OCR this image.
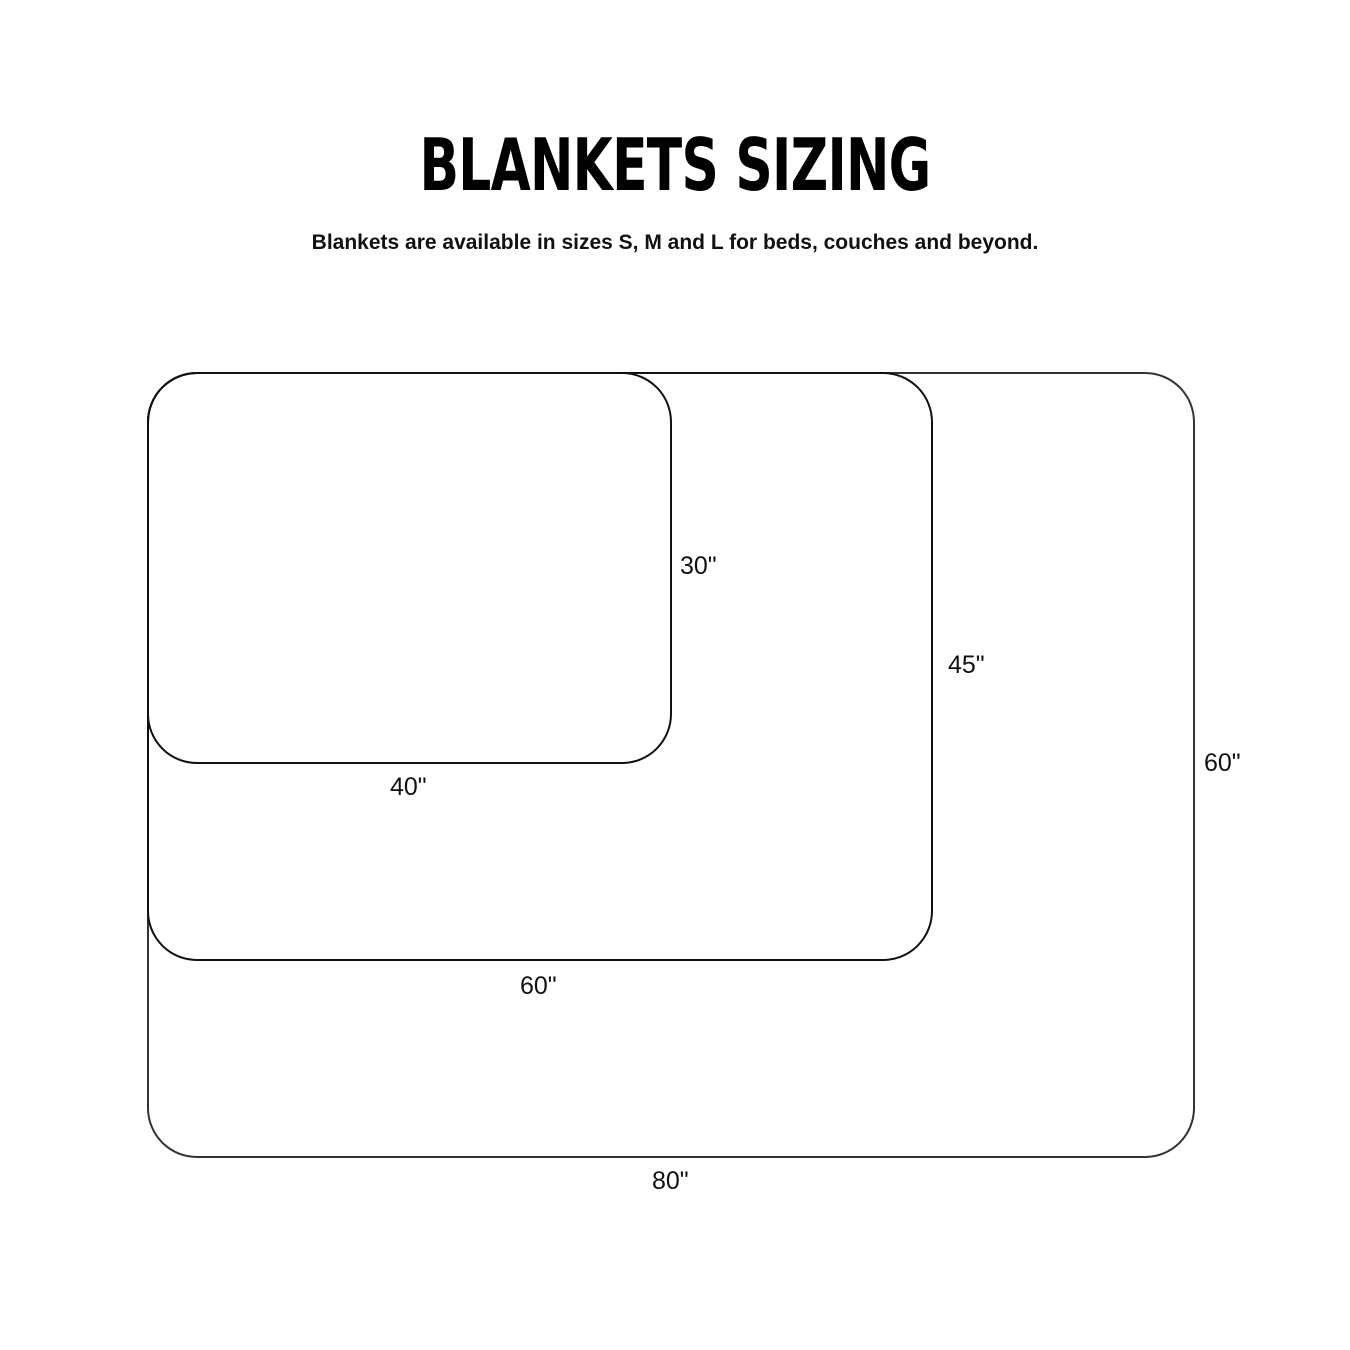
BLANKETS SIZING
Blankets are available in sizes S, M and L for beds, couches and beyond.
30"
40"
45"
60"
60"
80"
